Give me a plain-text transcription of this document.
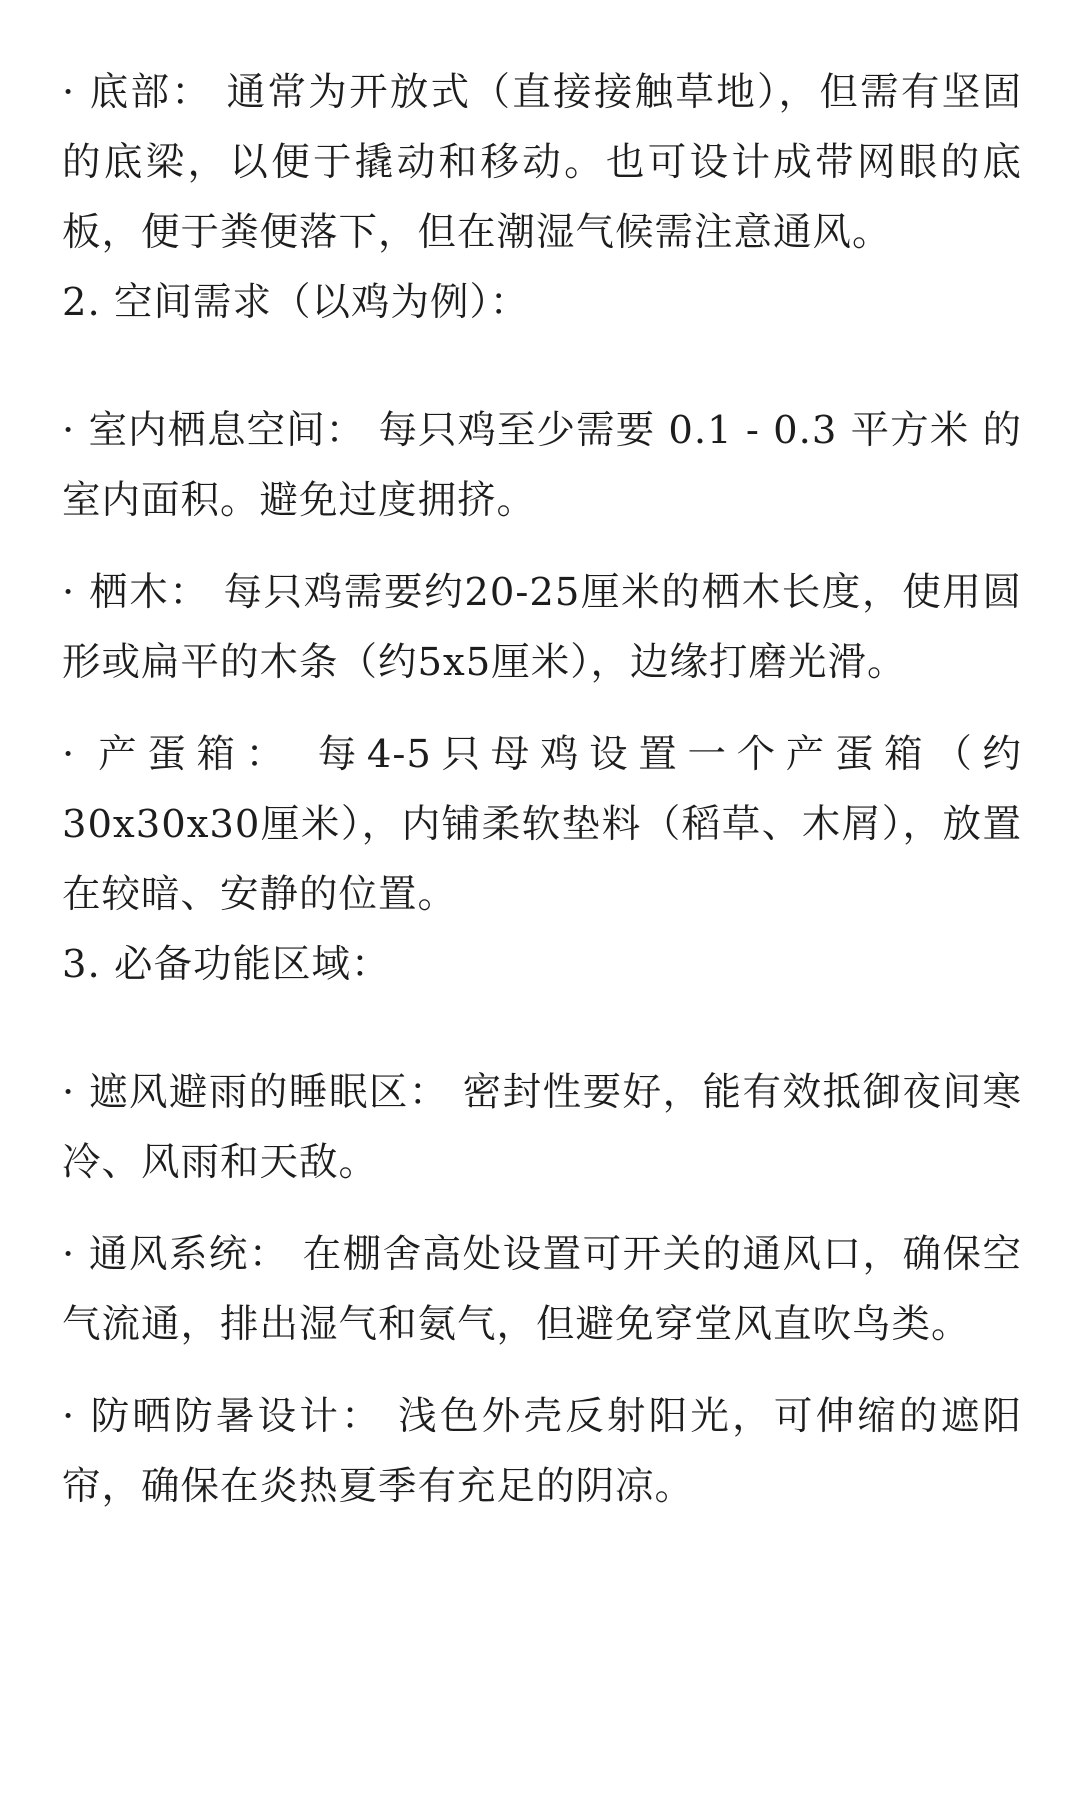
· 底部： 通常为开放式（直接接触草地），但需有坚固的底梁，以便于撬动和移动。也可设计成带网眼的底板，便于粪便落下，但在潮湿气候需注意通风。

2. 空间需求（以鸡为例）：

· 室内栖息空间： 每只鸡至少需要 0.1 - 0.3 平方米 的室内面积。避免过度拥挤。

· 栖木： 每只鸡需要约20-25厘米的栖木长度，使用圆形或扁平的木条（约5x5厘米），边缘打磨光滑。

· 产蛋箱： 每4-5只母鸡设置一个产蛋箱（约30x30x30厘米），内铺柔软垫料（稻草、木屑），放置在较暗、安静的位置。

3. 必备功能区域：

· 遮风避雨的睡眠区： 密封性要好，能有效抵御夜间寒冷、风雨和天敌。

· 通风系统： 在棚舍高处设置可开关的通风口，确保空气流通，排出湿气和氨气，但避免穿堂风直吹鸟类。

· 防晒防暑设计： 浅色外壳反射阳光，可伸缩的遮阳帘，确保在炎热夏季有充足的阴凉。
